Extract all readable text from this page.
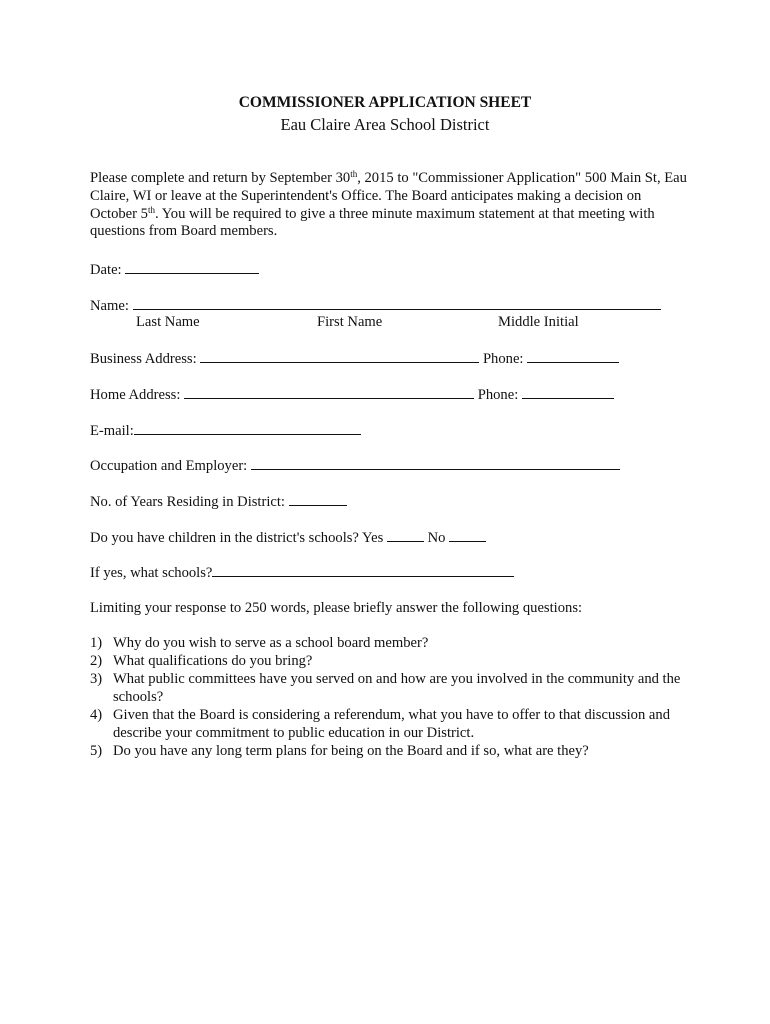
COMMISSIONER APPLICATION SHEET
Eau Claire Area School District

Please complete and return by September 30th, 2015 to "Commissioner Application" 500 Main St, Eau Claire, WI or leave at the Superintendent's Office. The Board anticipates making a decision on October 5th. You will be required to give a three minute maximum statement at that meeting with questions from Board members.

Date:
Name:
Last Name	First Name	Middle Initial
Business Address:	Phone:
Home Address:	Phone:
E-mail:
Occupation and Employer:
No. of Years Residing in District:
Do you have children in the district's schools? Yes	No
If yes, what schools?
Limiting your response to 250 words, please briefly answer the following questions:
1) Why do you wish to serve as a school board member?
2) What qualifications do you bring?
3) What public committees have you served on and how are you involved in the community and the schools?
4) Given that the Board is considering a referendum, what you have to offer to that discussion and describe your commitment to public education in our District.
5) Do you have any long term plans for being on the Board and if so, what are they?
